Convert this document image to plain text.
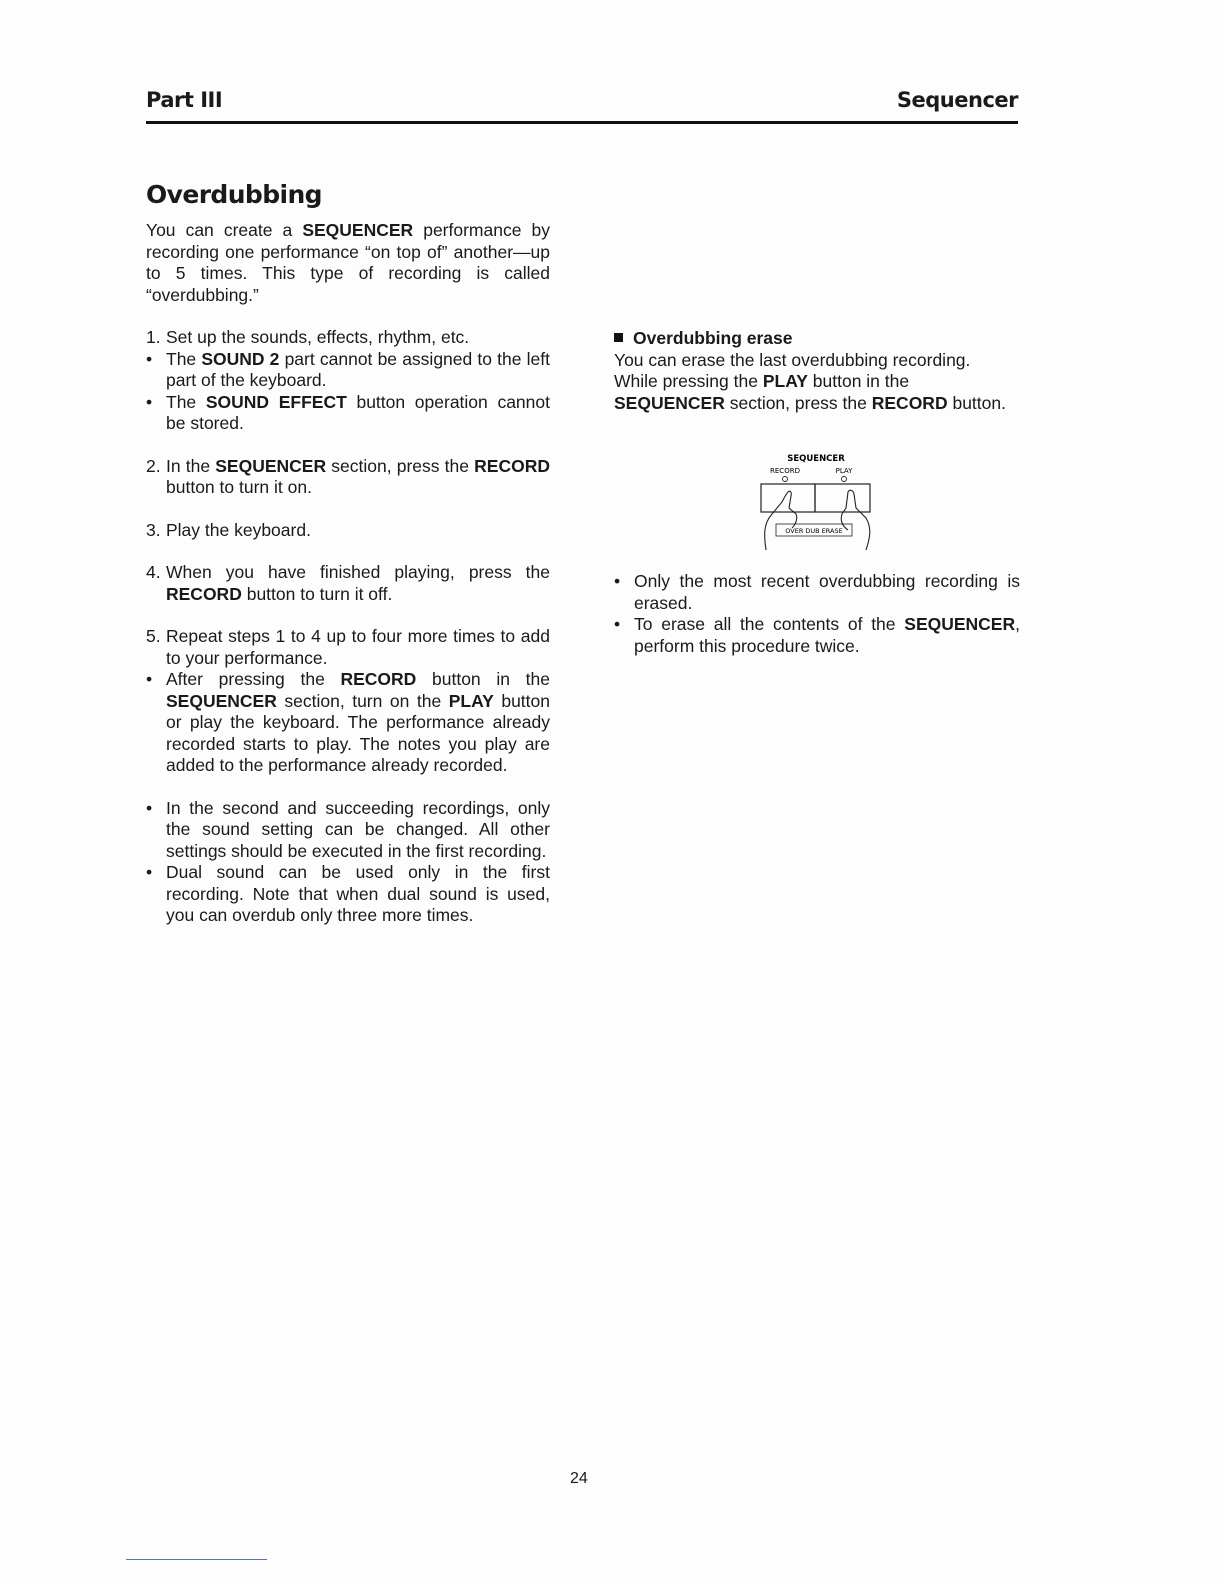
Part III	Sequencer
Overdubbing

You can create a SEQUENCER performance by recording one performance “on top of” another—up to 5 times. This type of recording is called “overdubbing.”

1. Set up the sounds, effects, rhythm, etc.
• The SOUND 2 part cannot be assigned to the left part of the keyboard.
• The SOUND EFFECT button operation cannot be stored.
2. In the SEQUENCER section, press the RECORD button to turn it on.
3. Play the keyboard.
4. When you have finished playing, press the RECORD button to turn it off.
5. Repeat steps 1 to 4 up to four more times to add to your performance.
• After pressing the RECORD button in the SEQUENCER section, turn on the PLAY button or play the keyboard. The performance already recorded starts to play. The notes you play are added to the performance already recorded.
• In the second and succeeding recordings, only the sound setting can be changed. All other settings should be executed in the first recording.
• Dual sound can be used only in the first recording. Note that when dual sound is used, you can overdub only three more times.

Overdubbing erase

You can erase the last overdubbing recording.

While pressing the PLAY button in the SEQUENCER section, press the RECORD button.

SEQUENCER
RECORD	PLAY
OVER DUB ERASE
• Only the most recent overdubbing recording is erased.
• To erase all the contents of the SEQUENCER, perform this procedure twice.
24
